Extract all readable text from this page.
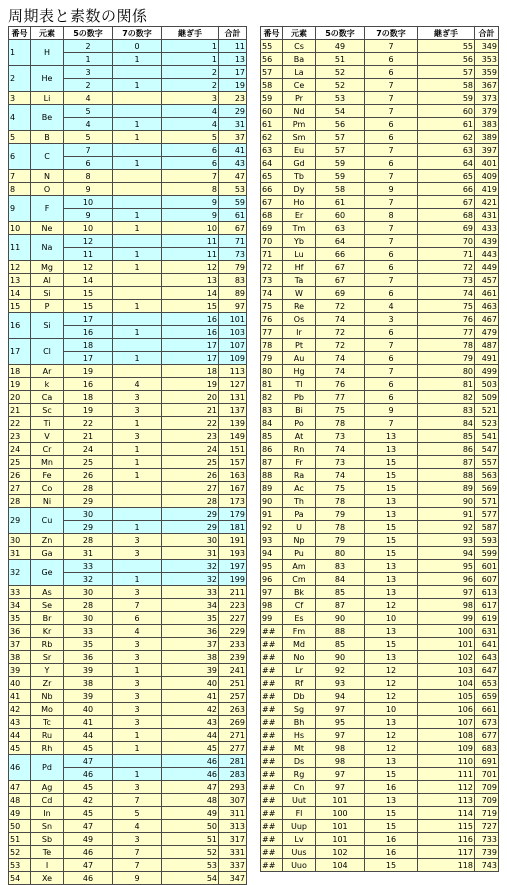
周期表と素数の関係
番号	元素	5の数字	7の数字	継ぎ手	合計
1	H	2	0	1	11
		1	1	1	13
2	He	3		2	17
		2	1	2	19
3	Li	4		3	23
4	Be	5		4	29
		4	1	4	31
5	B	5	1	5	37
6	C	7		6	41
		6	1	6	43
7	N	8		7	47
8	O	9		8	53
9	F	10		9	59
		9	1	9	61
10	Ne	10	1	10	67
11	Na	12		11	71
		11	1	11	73
12	Mg	12	1	12	79
13	Al	14		13	83
14	Si	15		14	89
15	P	15	1	15	97
16	Si	17		16	101
		16	1	16	103
17	Cl	18		17	107
		17	1	17	109
18	Ar	19		18	113
19	k	16	4	19	127
20	Ca	18	3	20	131
21	Sc	19	3	21	137
22	Ti	22	1	22	139
23	V	21	3	23	149
24	Cr	24	1	24	151
25	Mn	25	1	25	157
26	Fe	26	1	26	163
27	Co	28		27	167
28	Ni	29		28	173
29	Cu	30		29	179
		29	1	29	181
30	Zn	28	3	30	191
31	Ga	31	3	31	193
32	Ge	33		32	197
		32	1	32	199
33	As	30	3	33	211
34	Se	28	7	34	223
35	Br	30	6	35	227
36	Kr	33	4	36	229
37	Rb	35	3	37	233
38	Sr	36	3	38	239
39	Y	39	1	39	241
40	Zr	38	3	40	251
41	Nb	39	3	41	257
42	Mo	40	3	42	263
43	Tc	41	3	43	269
44	Ru	44	1	44	271
45	Rh	45	1	45	277
46	Pd	47		46	281
		46	1	46	283
47	Ag	45	3	47	293
48	Cd	42	7	48	307
49	In	45	5	49	311
50	Sn	47	4	50	313
51	Sb	49	3	51	317
52	Te	46	7	52	331
53	I	47	7	53	337
54	Xe	46	9	54	347
番号	元素	5の数字	7の数字	継ぎ手	合計
55	Cs	49	7	55	349
56	Ba	51	6	56	353
57	La	52	6	57	359
58	Ce	52	7	58	367
59	Pr	53	7	59	373
60	Nd	54	7	60	379
61	Pm	56	6	61	383
62	Sm	57	6	62	389
63	Eu	57	7	63	397
64	Gd	59	6	64	401
65	Tb	59	7	65	409
66	Dy	58	9	66	419
67	Ho	61	7	67	421
68	Er	60	8	68	431
69	Tm	63	7	69	433
70	Yb	64	7	70	439
71	Lu	66	6	71	443
72	Hf	67	6	72	449
73	Ta	67	7	73	457
74	W	69	6	74	461
75	Re	72	4	75	463
76	Os	74	3	76	467
77	Ir	72	6	77	479
78	Pt	72	7	78	487
79	Au	74	6	79	491
80	Hg	74	7	80	499
81	Tl	76	6	81	503
82	Pb	77	6	82	509
83	Bi	75	9	83	521
84	Po	78	7	84	523
85	At	73	13	85	541
86	Rn	74	13	86	547
87	Fr	73	15	87	557
88	Ra	74	15	88	563
89	Ac	75	15	89	569
90	Th	78	13	90	571
91	Pa	79	13	91	577
92	U	78	15	92	587
93	Np	79	15	93	593
94	Pu	80	15	94	599
95	Am	83	13	95	601
96	Cm	84	13	96	607
97	Bk	85	13	97	613
98	Cf	87	12	98	617
99	Es	90	10	99	619
##	Fm	88	13	100	631
##	Md	85	15	101	641
##	No	90	13	102	643
##	Lr	92	12	103	647
##	Rf	93	12	104	653
##	Db	94	12	105	659
##	Sg	97	10	106	661
##	Bh	95	13	107	673
##	Hs	97	12	108	677
##	Mt	98	12	109	683
##	Ds	98	13	110	691
##	Rg	97	15	111	701
##	Cn	97	16	112	709
##	Uut	101	13	113	709
##	Fl	100	15	114	719
##	Uup	101	15	115	727
##	Lv	101	16	116	733
##	Uus	102	16	117	739
##	Uuo	104	15	118	743
